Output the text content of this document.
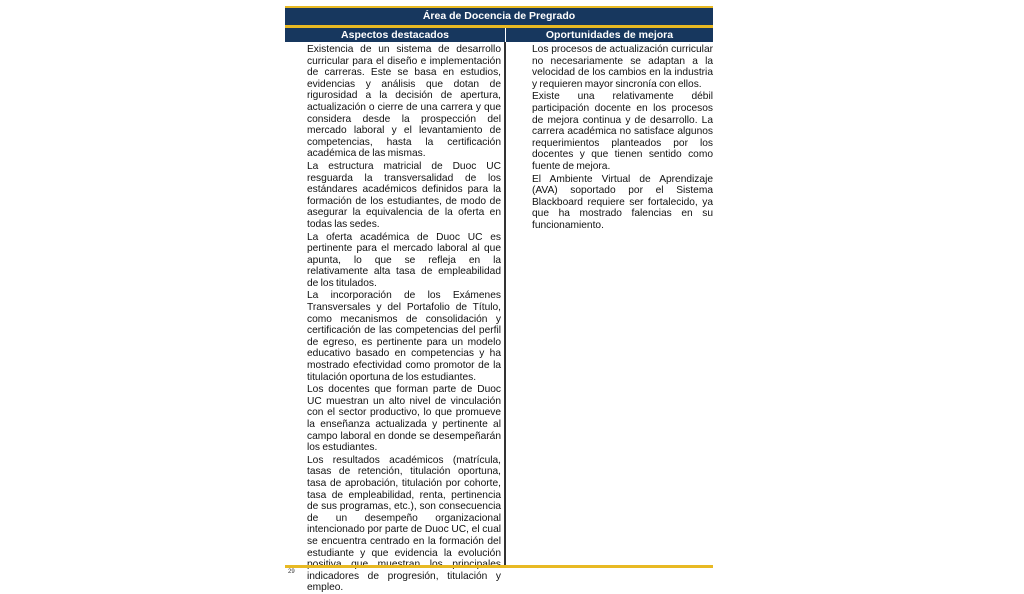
Área de Docencia de Pregrado
Aspectos destacados	Oportunidades de mejora

Existencia de un sistema de desarrollo curricular para el diseño e implementación de carreras. Este se basa en estudios, evidencias y análisis que dotan de rigurosidad a la decisión de apertura, actualización o cierre de una carrera y que considera desde la prospección del mercado laboral y el levantamiento de competencias, hasta la certificación académica de las mismas.

La estructura matricial de Duoc UC resguarda la transversalidad de los estándares académicos definidos para la formación de los estudiantes, de modo de asegurar la equivalencia de la oferta en todas las sedes.

La oferta académica de Duoc UC es pertinente para el mercado laboral al que apunta, lo que se refleja en la relativamente alta tasa de empleabilidad de los titulados.

La incorporación de los Exámenes Transversales y del Portafolio de Título, como mecanismos de consolidación y certificación de las competencias del perfil de egreso, es pertinente para un modelo educativo basado en competencias y ha mostrado efectividad como promotor de la titulación oportuna de los estudiantes.

Los docentes que forman parte de Duoc UC muestran un alto nivel de vinculación con el sector productivo, lo que promueve la enseñanza actualizada y pertinente al campo laboral en donde se desempeñarán los estudiantes.

Los resultados académicos (matrícula, tasas de retención, titulación oportuna, tasa de aprobación, titulación por cohorte, tasa de empleabilidad, renta, pertinencia de sus programas, etc.), son consecuencia de un desempeño organizacional intencionado por parte de Duoc UC, el cual se encuentra centrado en la formación del estudiante y que evidencia la evolución indicadores de progresión, titulación y empleo.

Los procesos de actualización curricular no necesariamente se adaptan a la velocidad de los cambios en la industria y requieren mayor sincronía con ellos.

Existe una relativamente débil participación docente en los procesos de mejora continua y de desarrollo. La carrera académica no satisface algunos requerimientos planteados por los docentes y que tienen sentido como fuente de mejora.

El Ambiente Virtual de Aprendizaje (AVA) soportado por el Sistema Blackboard requiere ser fortalecido, ya que ha mostrado falencias en su funcionamiento.

29
